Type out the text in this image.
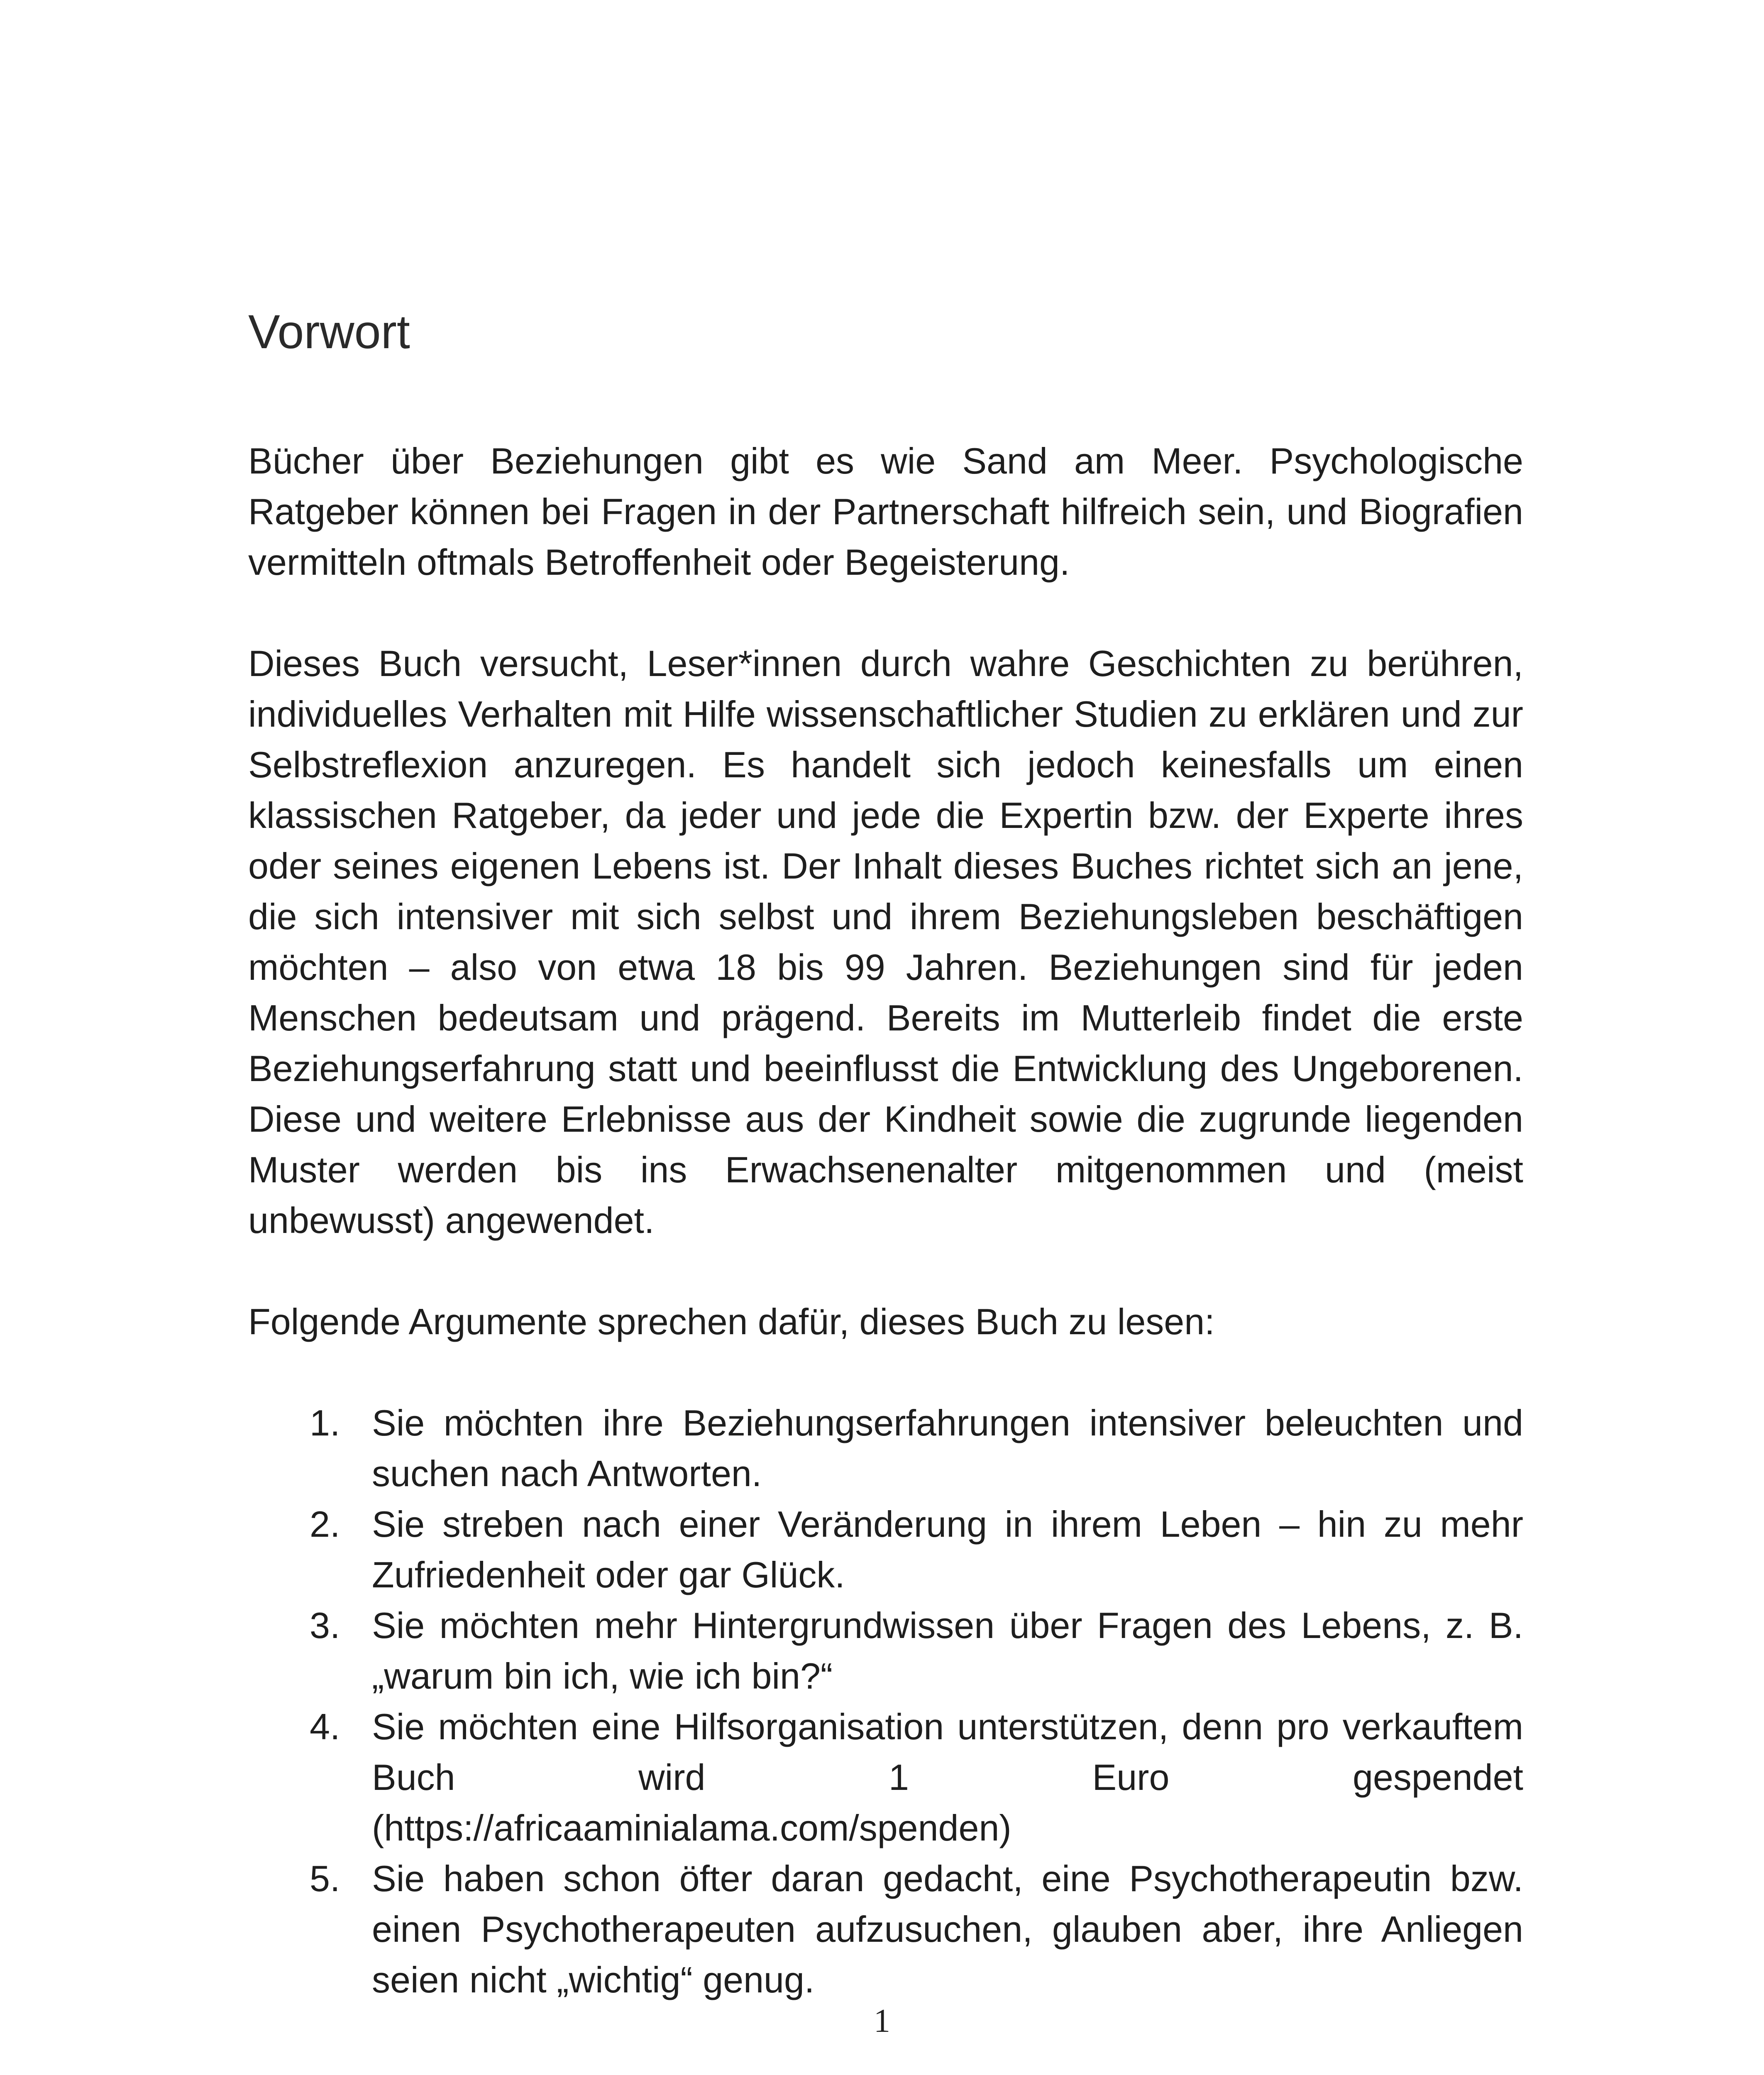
Vorwort

Bücher über Beziehungen gibt es wie Sand am Meer. Psychologische Ratgeber können bei Fragen in der Partnerschaft hilfreich sein, und Biografien vermitteln oftmals Betroffenheit oder Begeisterung.

Dieses Buch versucht, Leser*innen durch wahre Geschichten zu berühren, individuelles Verhalten mit Hilfe wissenschaftlicher Studien zu erklären und zur Selbstreflexion anzuregen. Es handelt sich jedoch keinesfalls um einen klassischen Ratgeber, da jeder und jede die Expertin bzw. der Experte ihres oder seines eigenen Lebens ist. Der Inhalt dieses Buches richtet sich an jene, die sich intensiver mit sich selbst und ihrem Beziehungsleben beschäftigen möchten – also von etwa 18 bis 99 Jahren. Beziehungen sind für jeden Menschen bedeutsam und prägend. Bereits im Mutterleib findet die erste Beziehungserfahrung statt und beeinflusst die Entwicklung des Ungeborenen. Diese und weitere Erlebnisse aus der Kindheit sowie die zugrunde liegenden Muster werden bis ins Erwachsenenalter mitgenommen und (meist unbewusst) angewendet.

Folgende Argumente sprechen dafür, dieses Buch zu lesen:

1. Sie möchten ihre Beziehungserfahrungen intensiver beleuchten und suchen nach Antworten.
2. Sie streben nach einer Veränderung in ihrem Leben – hin zu mehr Zufriedenheit oder gar Glück.
3. Sie möchten mehr Hintergrundwissen über Fragen des Lebens, z. B. „warum bin ich, wie ich bin?“
4. Sie möchten eine Hilfsorganisation unterstützen, denn pro verkauftem Buch wird 1 Euro gespendet
(https://africaaminialama.com/spenden)
5. Sie haben schon öfter daran gedacht, eine Psychotherapeutin bzw. einen Psychotherapeuten aufzusuchen, glauben aber, ihre Anliegen seien nicht „wichtig“ genug.
1
